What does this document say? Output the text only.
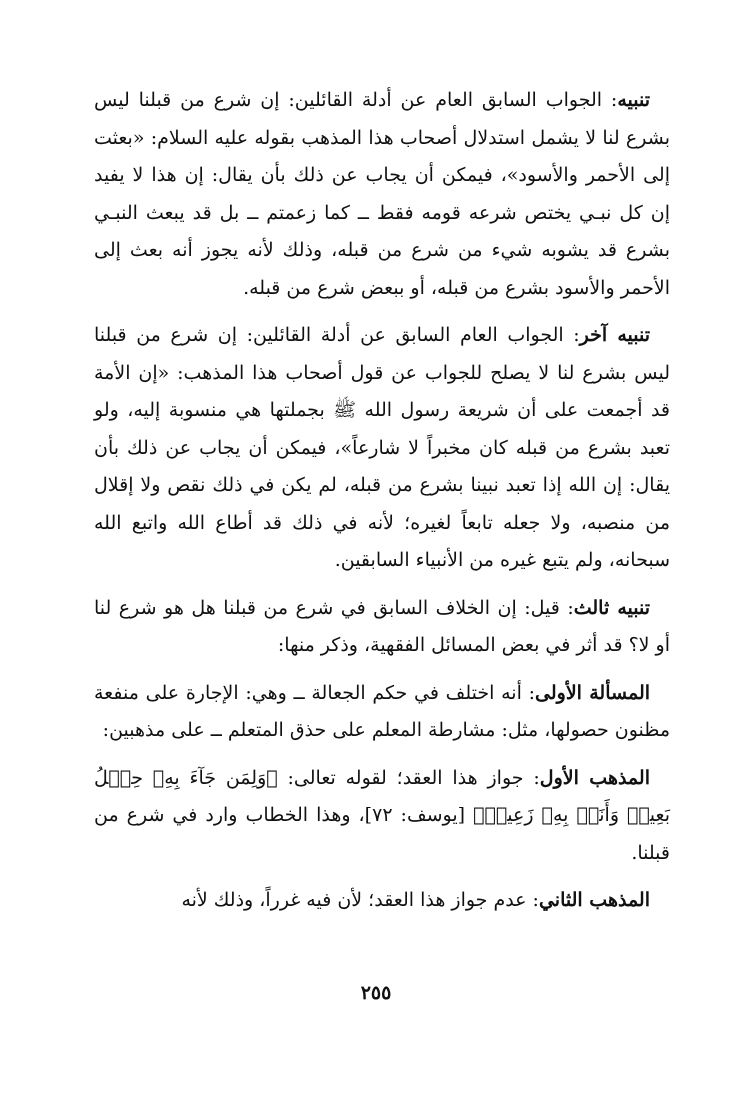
تنبيه: الجواب السابق العام عن أدلة القائلين: إن شرع من قبلنا ليس بشرع لنا لا يشمل استدلال أصحاب هذا المذهب بقوله عليه السلام: «بعثت إلى الأحمر والأسود»، فيمكن أن يجاب عن ذلك بأن يقال: إن هذا لا يفيد إن كل نبـي يختص شرعه قومه فقط ــ كما زعمتم ــ بل قد يبعث النبـي بشرع قد يشوبه شيء من شرع من قبله، وذلك لأنه يجوز أنه بعث إلى الأحمر والأسود بشرع من قبله، أو ببعض شرع من قبله.

تنبيه آخر: الجواب العام السابق عن أدلة القائلين: إن شرع من قبلنا ليس بشرع لنا لا يصلح للجواب عن قول أصحاب هذا المذهب: «إن الأمة قد أجمعت على أن شريعة رسول الله ﷺ بجملتها هي منسوبة إليه، ولو تعبد بشرع من قبله كان مخبراً لا شارعاً»، فيمكن أن يجاب عن ذلك بأن يقال: إن الله إذا تعبد نبينا بشرع من قبله، لم يكن في ذلك نقص ولا إقلال من منصبه، ولا جعله تابعاً لغيره؛ لأنه في ذلك قد أطاع الله واتبع الله سبحانه، ولم يتبع غيره من الأنبياء السابقين.

تنبيه ثالث: قيل: إن الخلاف السابق في شرع من قبلنا هل هو شرع لنا أو لا؟ قد أثر في بعض المسائل الفقهية، وذكر منها:

المسألة الأولى: أنه اختلف في حكم الجعالة ــ وهي: الإجارة على منفعة مظنون حصولها، مثل: مشارطة المعلم على حذق المتعلم ــ على مذهبين:

المذهب الأول: جواز هذا العقد؛ لقوله تعالى: ﴿وَلِمَن جَآءَ بِهِۦ حِمۡلُ بَعِيرٖ وَأَنَا۠ بِهِۦ زَعِيمٞ﴾ [يوسف: ٧٢]، وهذا الخطاب وارد في شرع من قبلنا.

المذهب الثاني: عدم جواز هذا العقد؛ لأن فيه غرراً، وذلك لأنه

٢٥٥
